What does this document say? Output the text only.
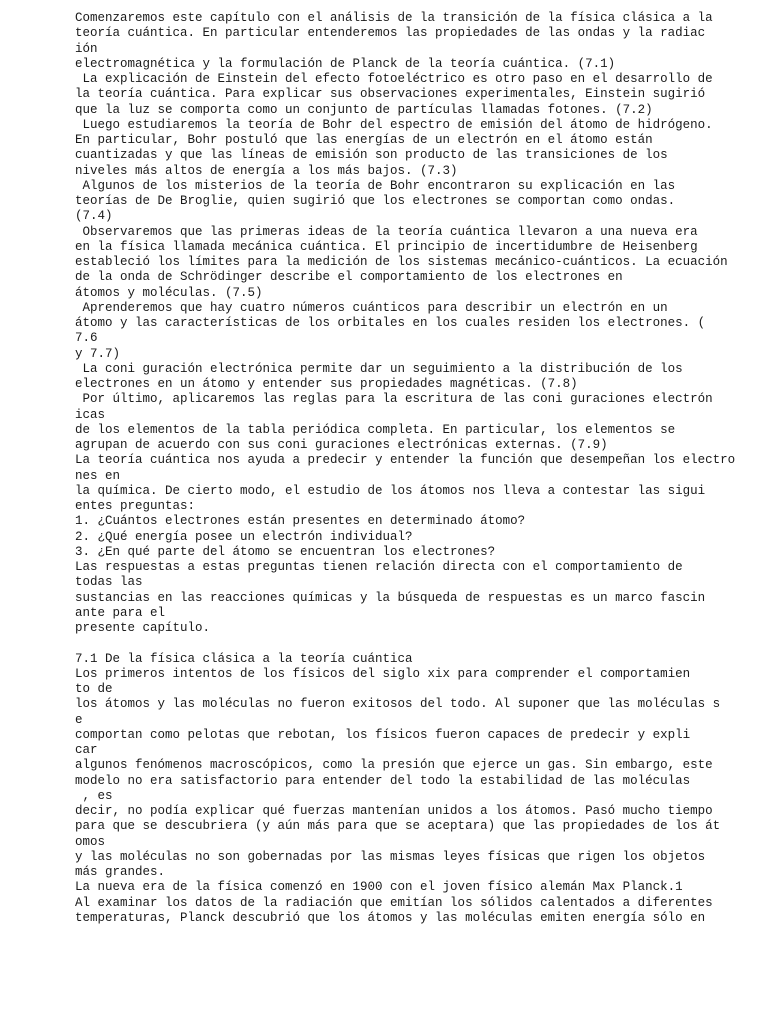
Comenzaremos este capítulo con el análisis de la transición de la física clásica a la
teoría cuántica. En particular entenderemos las propiedades de las ondas y la radiac
ión
electromagnética y la formulación de Planck de la teoría cuántica. (7.1)
La explicación de Einstein del efecto fotoeléctrico es otro paso en el desarrollo de
la teoría cuántica. Para explicar sus observaciones experimentales, Einstein sugirió
que la luz se comporta como un conjunto de partículas llamadas fotones. (7.2)
Luego estudiaremos la teoría de Bohr del espectro de emisión del átomo de hidrógeno.
En particular, Bohr postuló que las energías de un electrón en el átomo están
cuantizadas y que las líneas de emisión son producto de las transiciones de los
niveles más altos de energía a los más bajos. (7.3)
Algunos de los misterios de la teoría de Bohr encontraron su explicación en las
teorías de De Broglie, quien sugirió que los electrones se comportan como ondas.
(7.4)
Observaremos que las primeras ideas de la teoría cuántica llevaron a una nueva era
en la física llamada mecánica cuántica. El principio de incertidumbre de Heisenberg
estableció los límites para la medición de los sistemas mecánico-cuánticos. La ecuación
de la onda de Schrödinger describe el comportamiento de los electrones en
átomos y moléculas. (7.5)
Aprenderemos que hay cuatro números cuánticos para describir un electrón en un
átomo y las características de los orbitales en los cuales residen los electrones. (
7.6
y 7.7)
La coni guración electrónica permite dar un seguimiento a la distribución de los
electrones en un átomo y entender sus propiedades magnéticas. (7.8)
Por último, aplicaremos las reglas para la escritura de las coni guraciones electrón
icas
de los elementos de la tabla periódica completa. En particular, los elementos se
agrupan de acuerdo con sus coni guraciones electrónicas externas. (7.9)
La teoría cuántica nos ayuda a predecir y entender la función que desempeñan los electro
nes en
la química. De cierto modo, el estudio de los átomos nos lleva a contestar las sigui
entes preguntas:
1. ¿Cuántos electrones están presentes en determinado átomo?
2. ¿Qué energía posee un electrón individual?
3. ¿En qué parte del átomo se encuentran los electrones?
Las respuestas a estas preguntas tienen relación directa con el comportamiento de
todas las
sustancias en las reacciones químicas y la búsqueda de respuestas es un marco fascin
ante para el
presente capítulo.
7.1 De la física clásica a la teoría cuántica
Los primeros intentos de los físicos del siglo xix para comprender el comportamien
to de
los átomos y las moléculas no fueron exitosos del todo. Al suponer que las moléculas s
e
comportan como pelotas que rebotan, los físicos fueron capaces de predecir y expli
car
algunos fenómenos macroscópicos, como la presión que ejerce un gas. Sin embargo, este
modelo no era satisfactorio para entender del todo la estabilidad de las moléculas
, es
decir, no podía explicar qué fuerzas mantenían unidos a los átomos. Pasó mucho tiempo
para que se descubriera (y aún más para que se aceptara) que las propiedades de los át
omos
y las moléculas no son gobernadas por las mismas leyes físicas que rigen los objetos
más grandes.
La nueva era de la física comenzó en 1900 con el joven físico alemán Max Planck.1
Al examinar los datos de la radiación que emitían los sólidos calentados a diferentes
temperaturas, Planck descubrió que los átomos y las moléculas emiten energía sólo en
